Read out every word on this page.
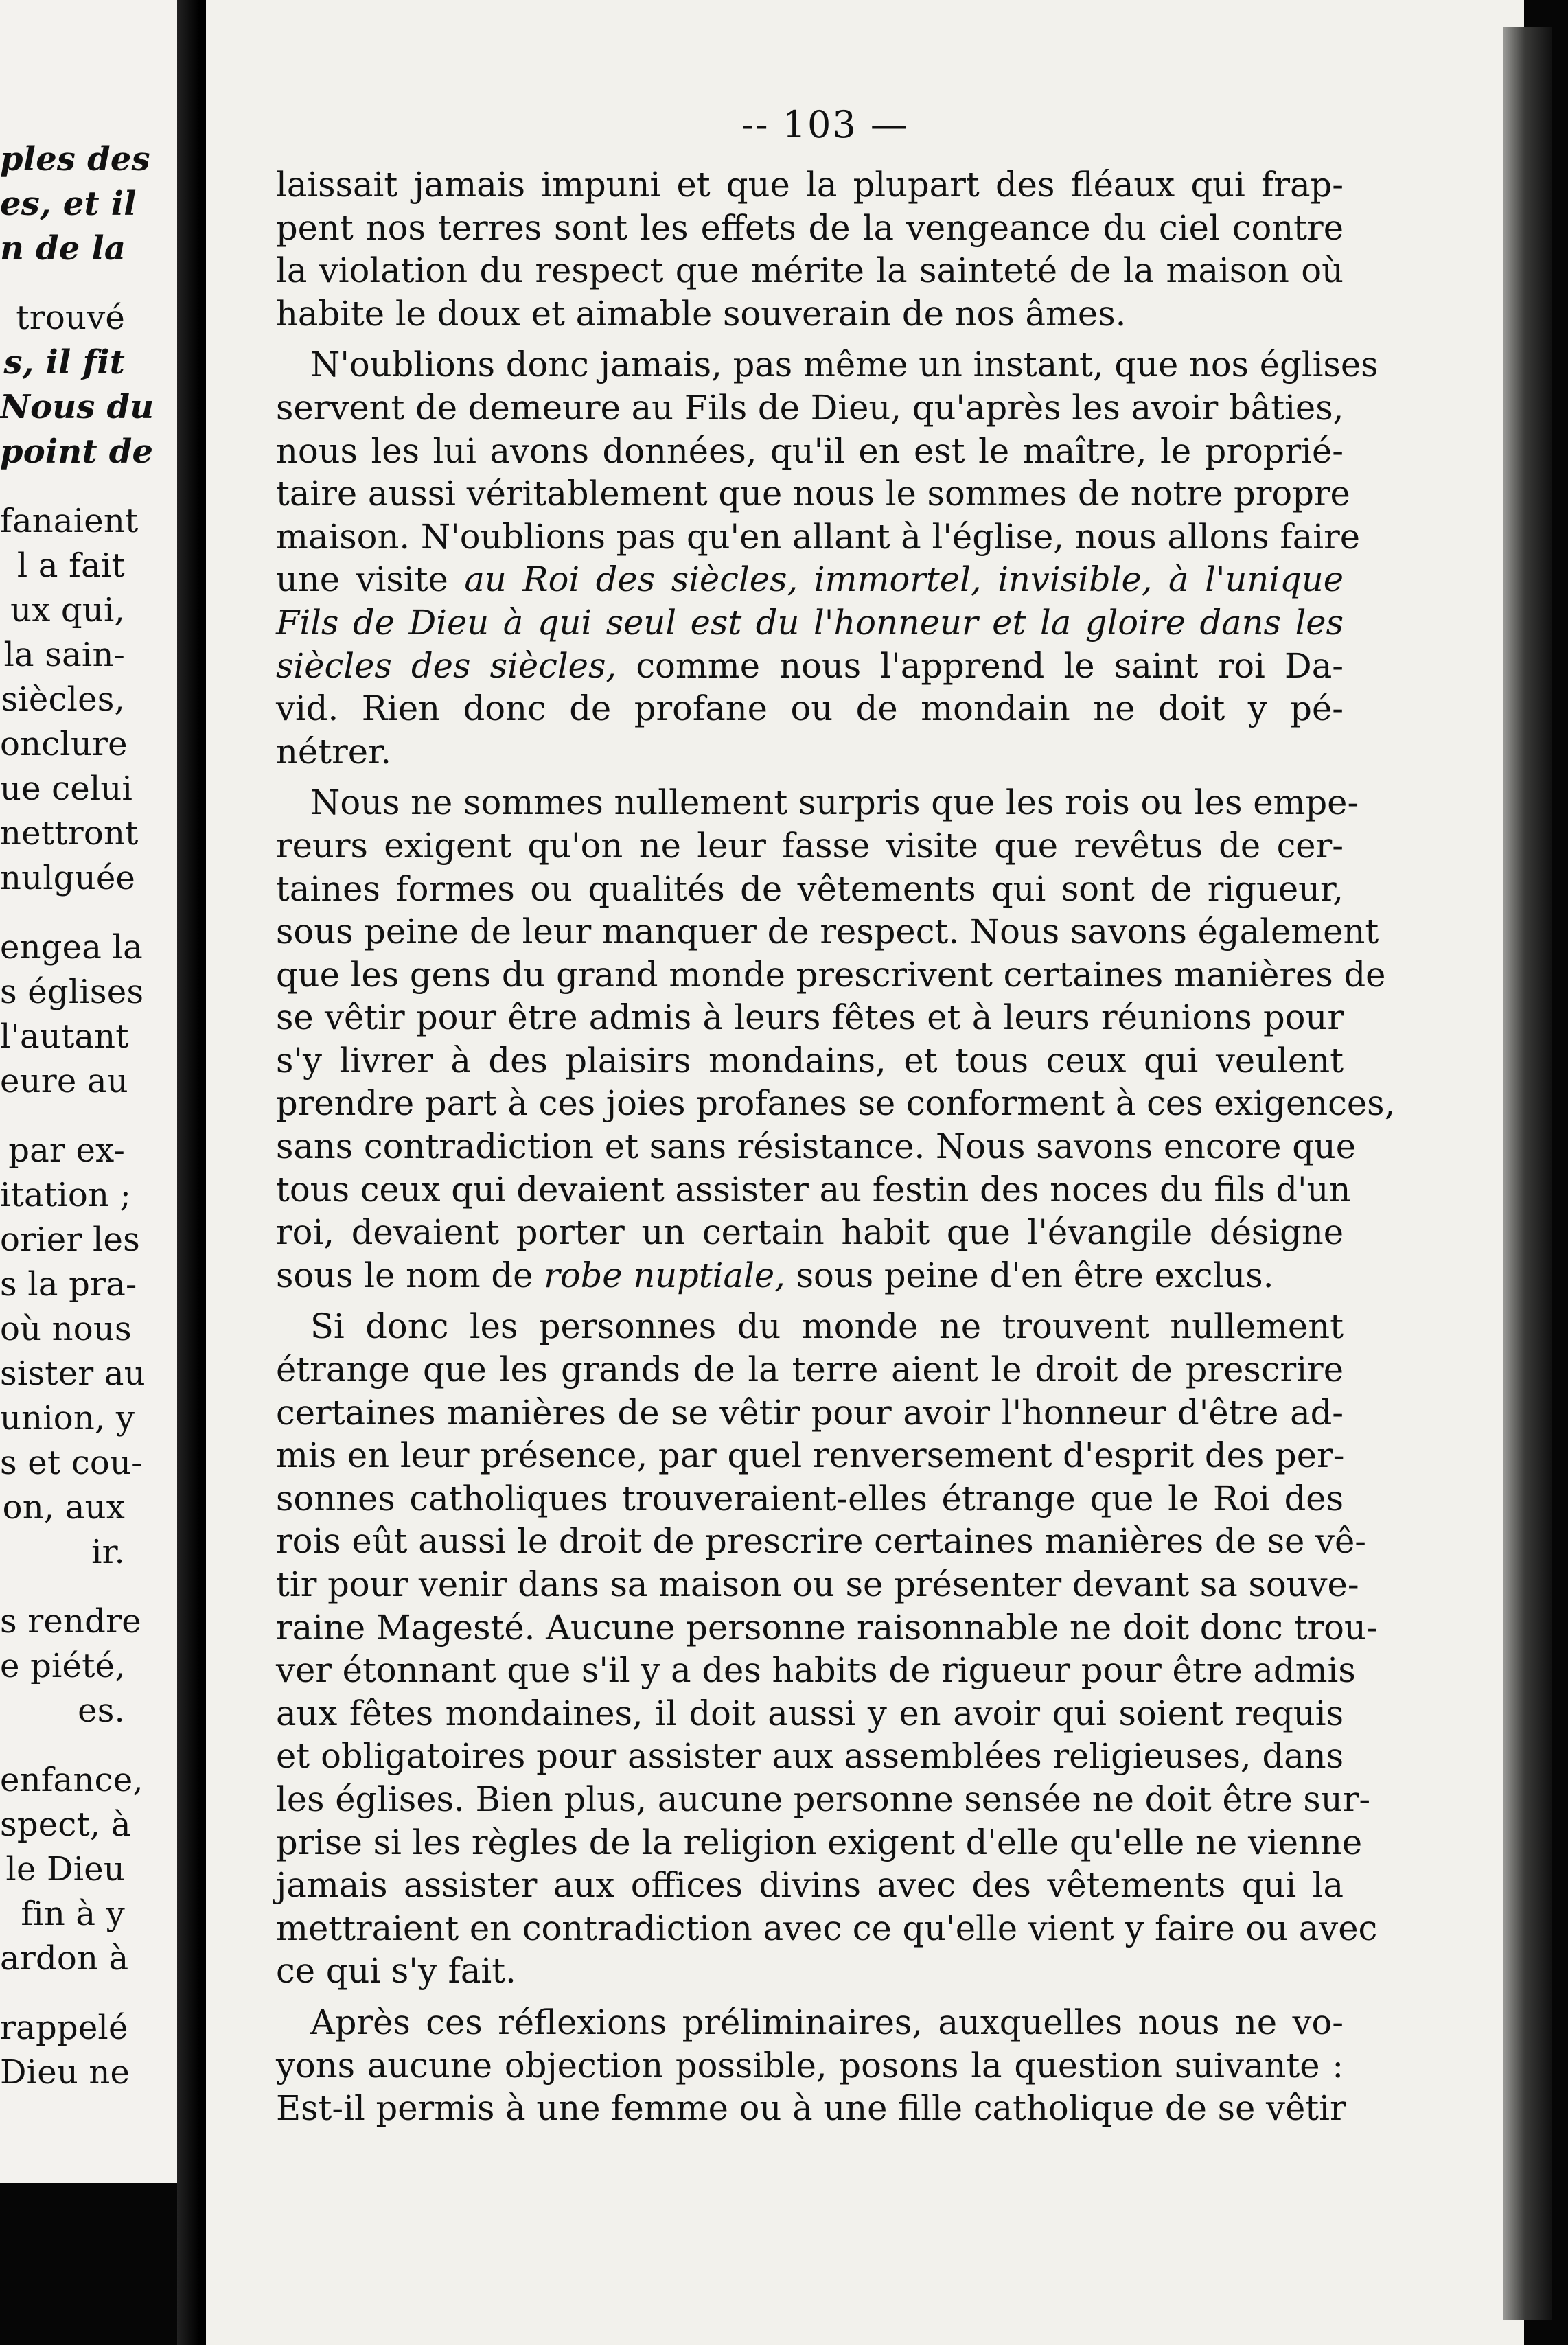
ples des
es, et il
n de la
trouvé
s, il fit
Nous du
point de
fanaient
l a fait
ux qui,
la sain-
siècles,
onclure
ue celui
nettront
nulguée
engea la
s églises
l'autant
eure au
par ex-
itation ;
orier les
s la pra-
où nous
sister au
union, y
s et cou-
on, aux
ir.
s rendre
e piété,
es.
enfance,
spect, à
le Dieu
fin à y
ardon à
rappelé
Dieu ne
-- 103 —
laissait jamais impuni et que la plupart des fléaux qui frap-
pent nos terres sont les effets de la vengeance du ciel contre
la violation du respect que mérite la sainteté de la maison où
habite le doux et aimable souverain de nos âmes.
N'oublions donc jamais, pas même un instant, que nos églises
servent de demeure au Fils de Dieu, qu'après les avoir bâties,
nous les lui avons données, qu'il en est le maître, le proprié-
taire aussi véritablement que nous le sommes de notre propre
maison. N'oublions pas qu'en allant à l'église, nous allons faire
une visite au Roi des siècles, immortel, invisible, à l'unique
Fils de Dieu à qui seul est du l'honneur et la gloire dans les
siècles des siècles, comme nous l'apprend le saint roi Da-
vid. Rien donc de profane ou de mondain ne doit y pé-
nétrer.
Nous ne sommes nullement surpris que les rois ou les empe-
reurs exigent qu'on ne leur fasse visite que revêtus de cer-
taines formes ou qualités de vêtements qui sont de rigueur,
sous peine de leur manquer de respect. Nous savons également
que les gens du grand monde prescrivent certaines manières de
se vêtir pour être admis à leurs fêtes et à leurs réunions pour
s'y livrer à des plaisirs mondains, et tous ceux qui veulent
prendre part à ces joies profanes se conforment à ces exigences,
sans contradiction et sans résistance. Nous savons encore que
tous ceux qui devaient assister au festin des noces du fils d'un
roi, devaient porter un certain habit que l'évangile désigne
sous le nom de robe nuptiale, sous peine d'en être exclus.
Si donc les personnes du monde ne trouvent nullement
étrange que les grands de la terre aient le droit de prescrire
certaines manières de se vêtir pour avoir l'honneur d'être ad-
mis en leur présence, par quel renversement d'esprit des per-
sonnes catholiques trouveraient-elles étrange que le Roi des
rois eût aussi le droit de prescrire certaines manières de se vê-
tir pour venir dans sa maison ou se présenter devant sa souve-
raine Magesté. Aucune personne raisonnable ne doit donc trou-
ver étonnant que s'il y a des habits de rigueur pour être admis
aux fêtes mondaines, il doit aussi y en avoir qui soient requis
et obligatoires pour assister aux assemblées religieuses, dans
les églises. Bien plus, aucune personne sensée ne doit être sur-
prise si les règles de la religion exigent d'elle qu'elle ne vienne
jamais assister aux offices divins avec des vêtements qui la
mettraient en contradiction avec ce qu'elle vient y faire ou avec
ce qui s'y fait.
Après ces réflexions préliminaires, auxquelles nous ne vo-
yons aucune objection possible, posons la question suivante :
Est-il permis à une femme ou à une fille catholique de se vêtir
